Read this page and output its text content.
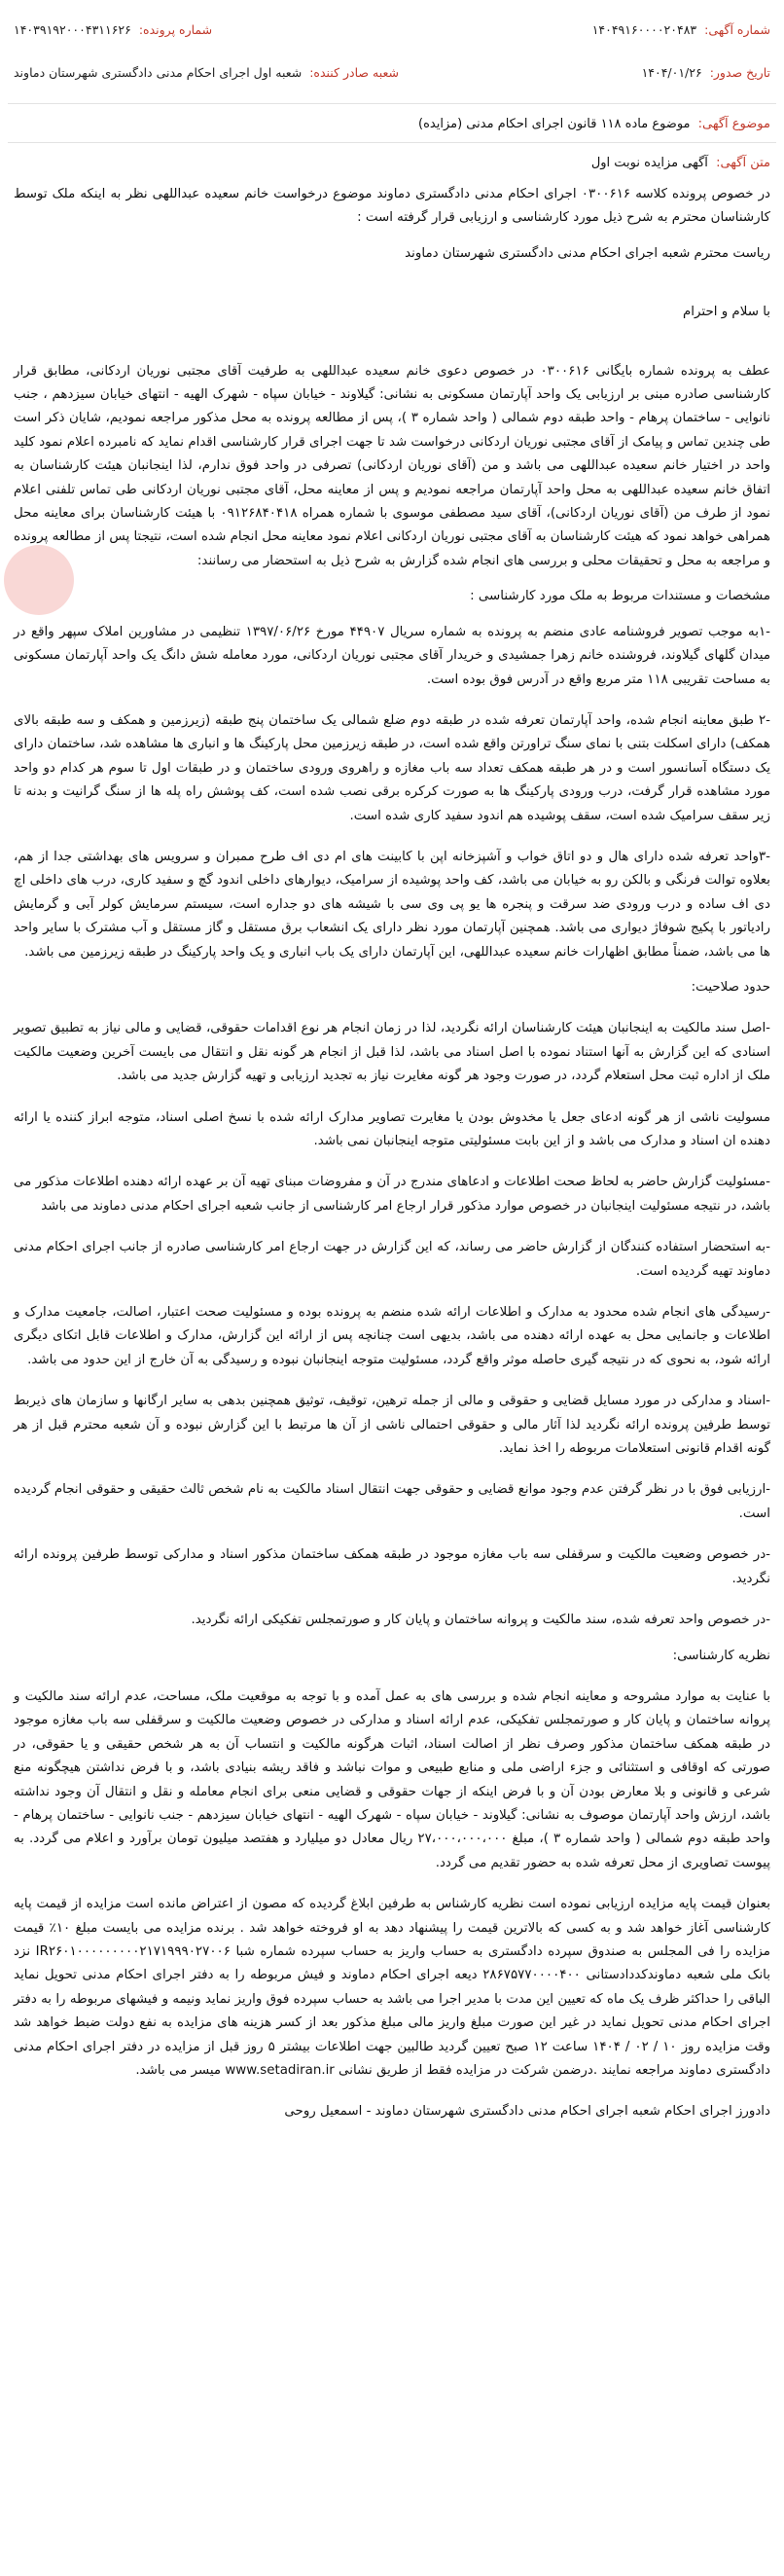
شماره آگهی: ۱۴۰۴۹۱۶۰۰۰۰۲۰۴۸۳
شماره پرونده: ۱۴۰۳۹۱۹۲۰۰۰۴۳۱۱۶۲۶
تاریخ صدور: ۱۴۰۴/۰۱/۲۶
شعبه صادر کننده: شعبه اول اجرای احکام مدنی دادگستری شهرستان دماوند
موضوع آگهی: موضوع ماده ۱۱۸ قانون اجرای احکام مدنی (مزایده)
متن آگهی: آگهی مزایده نوبت اول

در خصوص پرونده کلاسه ۰۳۰۰۶۱۶ اجرای احکام مدنی دادگستری دماوند موضوع درخواست خانم سعیده عبداللهی نظر به اینکه ملک توسط کارشناسان محترم به شرح ذیل مورد کارشناسی و ارزیابی قرار گرفته است :

ریاست محترم شعبه اجرای احکام مدنی دادگستری شهرستان دماوند

با سلام و احترام

عطف به پرونده شماره بایگانی ۰۳۰۰۶۱۶ در خصوص دعوی خانم سعیده عبداللهی به طرفیت آقای مجتبی نوریان اردکانی، مطابق قرار کارشناسی صادره مبنی بر ارزیابی یک واحد آپارتمان مسکونی به نشانی: گیلاوند - خیابان سپاه - شهرک الهیه - انتهای خیابان سیزدهم ، جنب نانوایی - ساختمان پرهام - واحد طبقه دوم شمالی ( واحد شماره ۳ )، پس از مطالعه پرونده به محل مذکور مراجعه نمودیم، شایان ذکر است طی چندین تماس و پیامک از آقای مجتبی نوریان اردکانی درخواست شد تا جهت اجرای قرار کارشناسی اقدام نماید که نامبرده اعلام نمود کلید واحد در اختیار خانم سعیده عبداللهی می باشد و من (آقای نوریان اردکانی) تصرفی در واحد فوق ندارم، لذا اینجانبان هیئت کارشناسان به اتفاق خانم سعیده عبداللهی به محل واحد آپارتمان مراجعه نمودیم و پس از معاینه محل، آقای مجتبی نوریان اردکانی طی تماس تلفنی اعلام نمود از طرف من (آقای نوریان اردکانی)، آقای سید مصطفی موسوی با شماره همراه ۰۹۱۲۶۸۴۰۴۱۸ با هیئت کارشناسان برای معاینه محل همراهی خواهد نمود که هیئت کارشناسان به آقای مجتبی نوریان اردکانی اعلام نمود معاینه محل انجام شده است، نتیجتا پس از مطالعه پرونده و مراجعه به محل و تحقیقات محلی و بررسی های انجام شده گزارش به شرح ذیل به استحضار می رسانند:

مشخصات و مستندات مربوط به ملک مورد کارشناسی :

-۱به موجب تصویر فروشنامه عادی منضم به پرونده به شماره سریال ۴۴۹۰۷ مورخ ۱۳۹۷/۰۶/۲۶ تنظیمی در مشاورین املاک سپهر واقع در میدان گلهای گیلاوند، فروشنده خانم زهرا جمشیدی و خریدار آقای مجتبی نوریان اردکانی، مورد معامله شش دانگ یک واحد آپارتمان مسکونی به مساحت تقریبی ۱۱۸ متر مربع واقع در آدرس فوق بوده است.

-۲ طبق معاینه انجام شده، واحد آپارتمان تعرفه شده در طبقه دوم ضلع شمالی یک ساختمان پنج طبقه (زیرزمین و همکف و سه طبقه بالای همکف) دارای اسکلت بتنی با نمای سنگ تراورتن واقع شده است، در طبقه زیرزمین محل پارکینگ ها و انباری ها مشاهده شد، ساختمان دارای یک دستگاه آسانسور است و در هر طبقه همکف تعداد سه باب مغازه و راهروی ورودی ساختمان و در طبقات اول تا سوم هر کدام دو واحد مورد مشاهده قرار گرفت، درب ورودی پارکینگ ها به صورت کرکره برقی نصب شده است، کف پوشش راه پله ها از سنگ گرانیت و بدنه تا زیر سقف سرامیک شده است، سقف پوشیده هم اندود سفید کاری شده است.

-۳واحد تعرفه شده دارای هال و دو اتاق خواب و آشپزخانه اپن با کابینت های ام دی اف طرح ممبران و سرویس های بهداشتی جدا از هم، بعلاوه توالت فرنگی و بالکن رو به خیابان می باشد، کف واحد پوشیده از سرامیک، دیوارهای داخلی اندود گچ و سفید کاری، درب های داخلی اچ دی اف ساده و درب ورودی ضد سرقت و پنجره ها یو پی وی سی با شیشه های دو جداره است، سیستم سرمایش کولر آبی و گرمایش رادیاتور با پکیج شوفاژ دیواری می باشد. همچنین آپارتمان مورد نظر دارای یک انشعاب برق مستقل و گاز مستقل و آب مشترک با سایر واحد ها می باشد، ضمناً مطابق اظهارات خانم سعیده عبداللهی، این آپارتمان دارای یک باب انباری و یک واحد پارکینگ در طبقه زیرزمین می باشد.

حدود صلاحیت:

-اصل سند مالکیت به اینجانبان هیئت کارشناسان ارائه نگردید، لذا در زمان انجام هر نوع اقدامات حقوقی، قضایی و مالی نیاز به تطبیق تصویر اسنادی که این گزارش به آنها استناد نموده با اصل اسناد می باشد، لذا قبل از انجام هر گونه نقل و انتقال می بایست آخرین وضعیت مالکیت ملک از اداره ثبت محل استعلام گردد، در صورت وجود هر گونه مغایرت نیاز به تجدید ارزیابی و تهیه گزارش جدید می باشد.

مسولیت ناشی از هر گونه ادعای جعل یا مخدوش بودن یا مغایرت تصاویر مدارک ارائه شده با نسخ اصلی اسناد، متوجه ابراز کننده یا ارائه دهنده ان اسناد و مدارک می باشد و از این بابت مسئولیتی متوجه اینجانبان نمی باشد.

-مسئولیت گزارش حاضر به لحاظ صحت اطلاعات و ادعاهای مندرج در آن و مفروضات مبنای تهیه آن بر عهده ارائه دهنده اطلاعات مذکور می باشد، در نتیجه مسئولیت اینجانبان در خصوص موارد مذکور قرار ارجاع امر کارشناسی از جانب شعبه اجرای احکام مدنی دماوند می باشد

-به استحضار استفاده کنندگان از گزارش حاضر می رساند، که این گزارش در جهت ارجاع امر کارشناسی صادره از جانب اجرای احکام مدنی دماوند تهیه گردیده است.

-رسیدگی های انجام شده محدود به مدارک و اطلاعات ارائه شده منضم به پرونده بوده و مسئولیت صحت اعتبار، اصالت، جامعیت مدارک و اطلاعات و جانمایی محل به عهده ارائه دهنده می باشد، بدیهی است چنانچه پس از ارائه این گزارش، مدارک و اطلاعات قابل اتکای دیگری ارائه شود، به نحوی که در نتیجه گیری حاصله موثر واقع گردد، مسئولیت متوجه اینجانبان نبوده و رسیدگی به آن خارج از این حدود می باشد.

-اسناد و مدارکی در مورد مسایل قضایی و حقوقی و مالی از جمله ترهین، توقیف، توثیق همچنین بدهی به سایر ارگانها و سازمان های ذیربط توسط طرفین پرونده ارائه نگردید لذا آثار مالی و حقوقی احتمالی ناشی از آن ها مرتبط با این گزارش نبوده و آن شعبه محترم قبل از هر گونه اقدام قانونی استعلامات مربوطه را اخذ نماید.

-ارزیابی فوق با در نظر گرفتن عدم وجود موانع قضایی و حقوقی جهت انتقال اسناد مالکیت به نام شخص ثالث حقیقی و حقوقی انجام گردیده است.

-در خصوص وضعیت مالکیت و سرقفلی سه باب مغازه موجود در طبقه همکف ساختمان مذکور اسناد و مدارکی توسط طرفین پرونده ارائه نگردید.

-در خصوص واحد تعرفه شده، سند مالکیت و پروانه ساختمان و پایان کار و صورتمجلس تفکیکی ارائه نگردید.

نظریه کارشناسی:

با عنایت به موارد مشروحه و معاینه انجام شده و بررسی های به عمل آمده و با توجه به موقعیت ملک، مساحت، عدم ارائه سند مالکیت و پروانه ساختمان و پایان کار و صورتمجلس تفکیکی، عدم ارائه اسناد و مدارکی در خصوص وضعیت مالکیت و سرقفلی سه باب مغازه موجود در طبقه همکف ساختمان مذکور وصرف نظر از اصالت اسناد، اثبات هرگونه مالکیت و انتساب آن به هر شخص حقیقی و یا حقوقی، در صورتی که اوقافی و استثنائی و جزء اراضی ملی و منابع طبیعی و موات نباشد و فاقد ریشه بنیادی باشد، و با فرض نداشتن هیچگونه منع شرعی و قانونی و بلا معارض بودن آن و با فرض اینکه از جهات حقوقی و قضایی منعی برای انجام معامله و نقل و انتقال آن وجود نداشته باشد، ارزش واحد آپارتمان موصوف به نشانی: گیلاوند - خیابان سپاه - شهرک الهیه - انتهای خیابان سیزدهم - جنب نانوایی - ساختمان پرهام - واحد طبقه دوم شمالی ( واحد شماره ۳ )، مبلغ ۲۷،۰۰۰،۰۰۰،۰۰۰ ریال معادل دو میلیارد و هفتصد میلیون تومان برآورد و اعلام می گردد. به پیوست تصاویری از محل تعرفه شده به حضور تقدیم می گردد.

بعنوان قیمت پایه مزایده ارزیابی نموده است نظریه کارشناس به طرفین ابلاغ گردیده که مصون از اعتراض مانده است مزایده از قیمت پایه کارشناسی آغاز خواهد شد و به کسی که بالاترین قیمت را پیشنهاد دهد به او فروخته خواهد شد . برنده مزایده می بایست مبلغ ۱۰٪ قیمت مزایده را فی المجلس به صندوق سپرده دادگستری به حساب واریز به حساب سپرده شماره شبا IR۲۶۰۱۰۰۰۰۰۰۰۰۰۲۱۷۱۹۹۹۰۲۷۰۰۶ نزد بانک ملی شعبه دماوندکددادستانی ۲۸۶۷۵۷۷۰۰۰۰۴۰۰ دیعه اجرای احکام دماوند و فیش مربوطه را به دفتر اجرای احکام مدنی تحویل نماید الباقی را حداکثر ظرف یک ماه که تعیین این مدت با مدیر اجرا می باشد به حساب سپرده فوق واریز نماید ونیمه و فیشهای مربوطه را به دفتر اجرای احکام مدنی تحویل نماید در غیر این صورت مبلغ واریز مالی مبلغ مذکور بعد از کسر هزینه های مزایده به نفع دولت ضبط خواهد شد وقت مزایده روز ۱۰ / ۰۲ / ۱۴۰۴ ساعت ۱۲ صبح تعیین گردید طالبین جهت اطلاعات بیشتر ۵ روز قبل از مزایده در دفتر اجرای احکام مدنی دادگستری دماوند مراجعه نمایند .درضمن شرکت در مزایده فقط از طریق نشانی www.setadiran.ir میسر می باشد.

دادورز اجرای احکام شعبه اجرای احکام مدنی دادگستری شهرستان دماوند - اسمعیل روحی
